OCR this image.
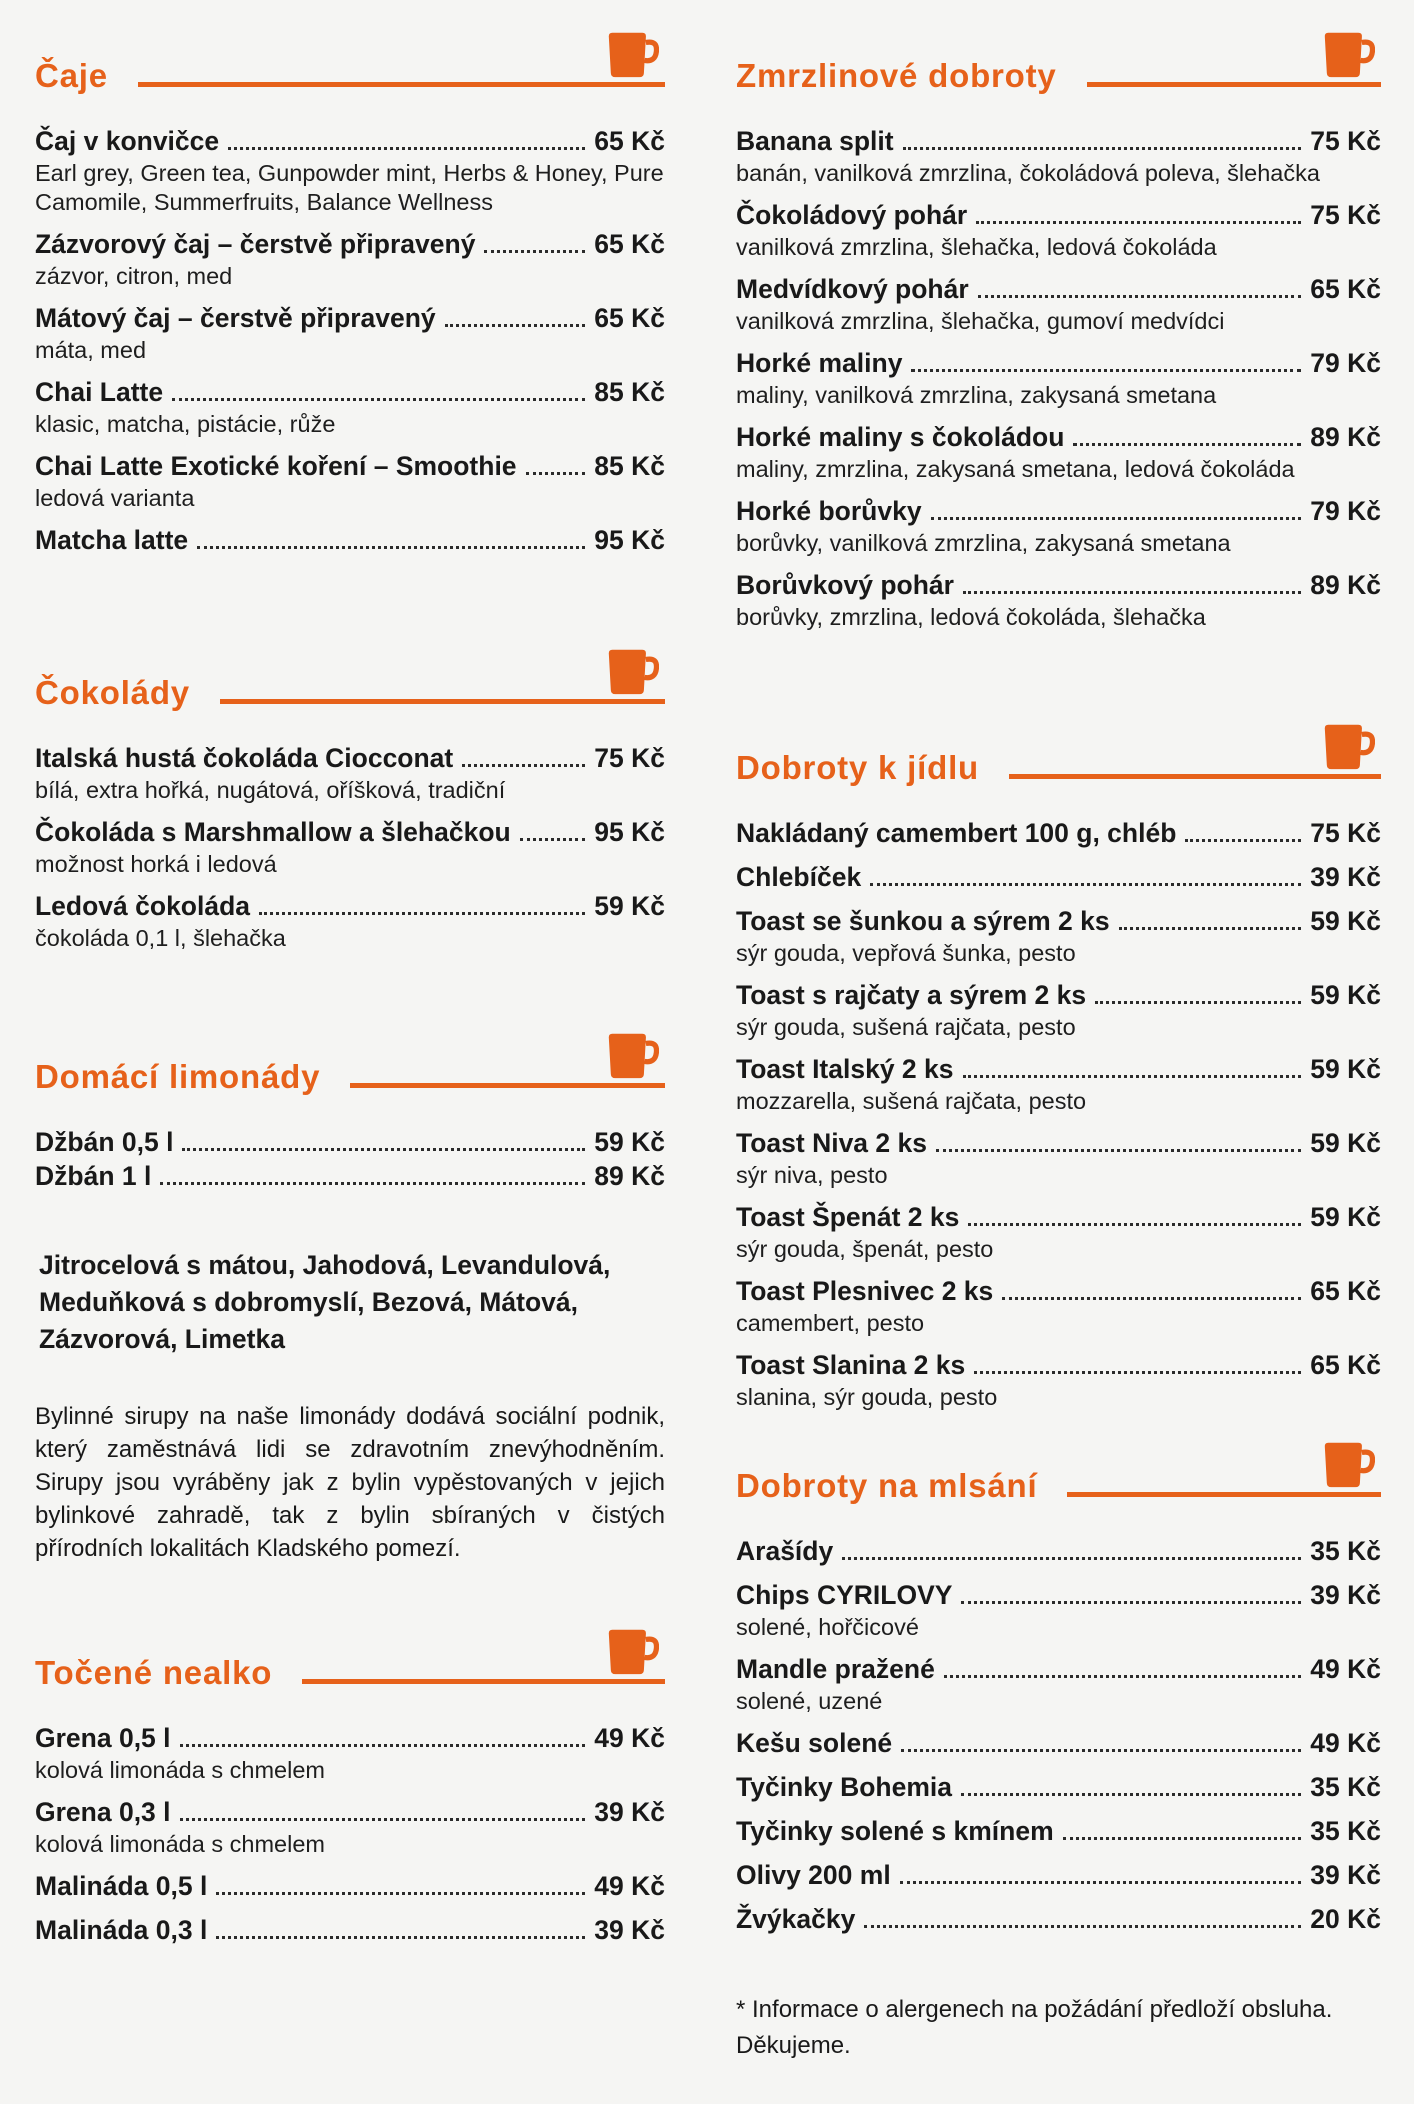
Čaje
Čaj v konvičce	65 Kč
Earl grey, Green tea, Gunpowder mint, Herbs & Honey, Pure Camomile, Summerfruits, Balance Wellness
Zázvorový čaj – čerstvě připravený	65 Kč
zázvor, citron, med
Mátový čaj – čerstvě připravený	65 Kč
máta, med
Chai Latte	85 Kč
klasic, matcha, pistácie, růže
Chai Latte Exotické koření – Smoothie	85 Kč
ledová varianta
Matcha latte	95 Kč
Čokolády
Italská hustá čokoláda Ciocconat	75 Kč
bílá, extra hořká, nugátová, oříšková, tradiční
Čokoláda s Marshmallow a šlehačkou	95 Kč
možnost horká i ledová
Ledová čokoláda	59 Kč
čokoláda 0,1 l, šlehačka
Domácí limonády
Džbán 0,5 l	59 Kč
Džbán 1 l	89 Kč
Jitrocelová s mátou, Jahodová, Levandulová, Meduňková s dobromyslí, Bezová, Mátová, Zázvorová, Limetka

Bylinné sirupy na naše limonády dodává sociální podnik, který zaměstnává lidi se zdravotním znevýhodněním. Sirupy jsou vyráběny jak z bylin vypěstovaných v jejich bylinkové zahradě, tak z bylin sbíraných v čistých přírodních lokalitách Kladského pomezí.

Točené nealko
Grena 0,5 l	49 Kč
kolová limonáda s chmelem
Grena 0,3 l	39 Kč
kolová limonáda s chmelem
Malináda 0,5 l	49 Kč
Malináda 0,3 l	39 Kč
Zmrzlinové dobroty
Banana split	75 Kč
banán, vanilková zmrzlina, čokoládová poleva, šlehačka
Čokoládový pohár	75 Kč
vanilková zmrzlina, šlehačka, ledová čokoláda
Medvídkový pohár	65 Kč
vanilková zmrzlina, šlehačka, gumoví medvídci
Horké maliny	79 Kč
maliny, vanilková zmrzlina, zakysaná smetana
Horké maliny s čokoládou	89 Kč
maliny, zmrzlina, zakysaná smetana, ledová čokoláda
Horké borůvky	79 Kč
borůvky, vanilková zmrzlina, zakysaná smetana
Borůvkový pohár	89 Kč
borůvky, zmrzlina, ledová čokoláda, šlehačka
Dobroty k jídlu
Nakládaný camembert 100 g, chléb	75 Kč
Chlebíček	39 Kč
Toast se šunkou a sýrem 2 ks	59 Kč
sýr gouda, vepřová šunka, pesto
Toast s rajčaty a sýrem 2 ks	59 Kč
sýr gouda, sušená rajčata, pesto
Toast Italský 2 ks	59 Kč
mozzarella, sušená rajčata, pesto
Toast Niva 2 ks	59 Kč
sýr niva, pesto
Toast Špenát 2 ks	59 Kč
sýr gouda, špenát, pesto
Toast Plesnivec 2 ks	65 Kč
camembert, pesto
Toast Slanina 2 ks	65 Kč
slanina, sýr gouda, pesto
Dobroty na mlsání
Arašídy	35 Kč
Chips CYRILOVY	39 Kč
solené, hořčicové
Mandle pražené	49 Kč
solené, uzené
Kešu solené	49 Kč
Tyčinky Bohemia	35 Kč
Tyčinky solené s kmínem	35 Kč
Olivy 200 ml	39 Kč
Žvýkačky	20 Kč

* Informace o alergenech na požádání předloží obsluha.
Děkujeme.
